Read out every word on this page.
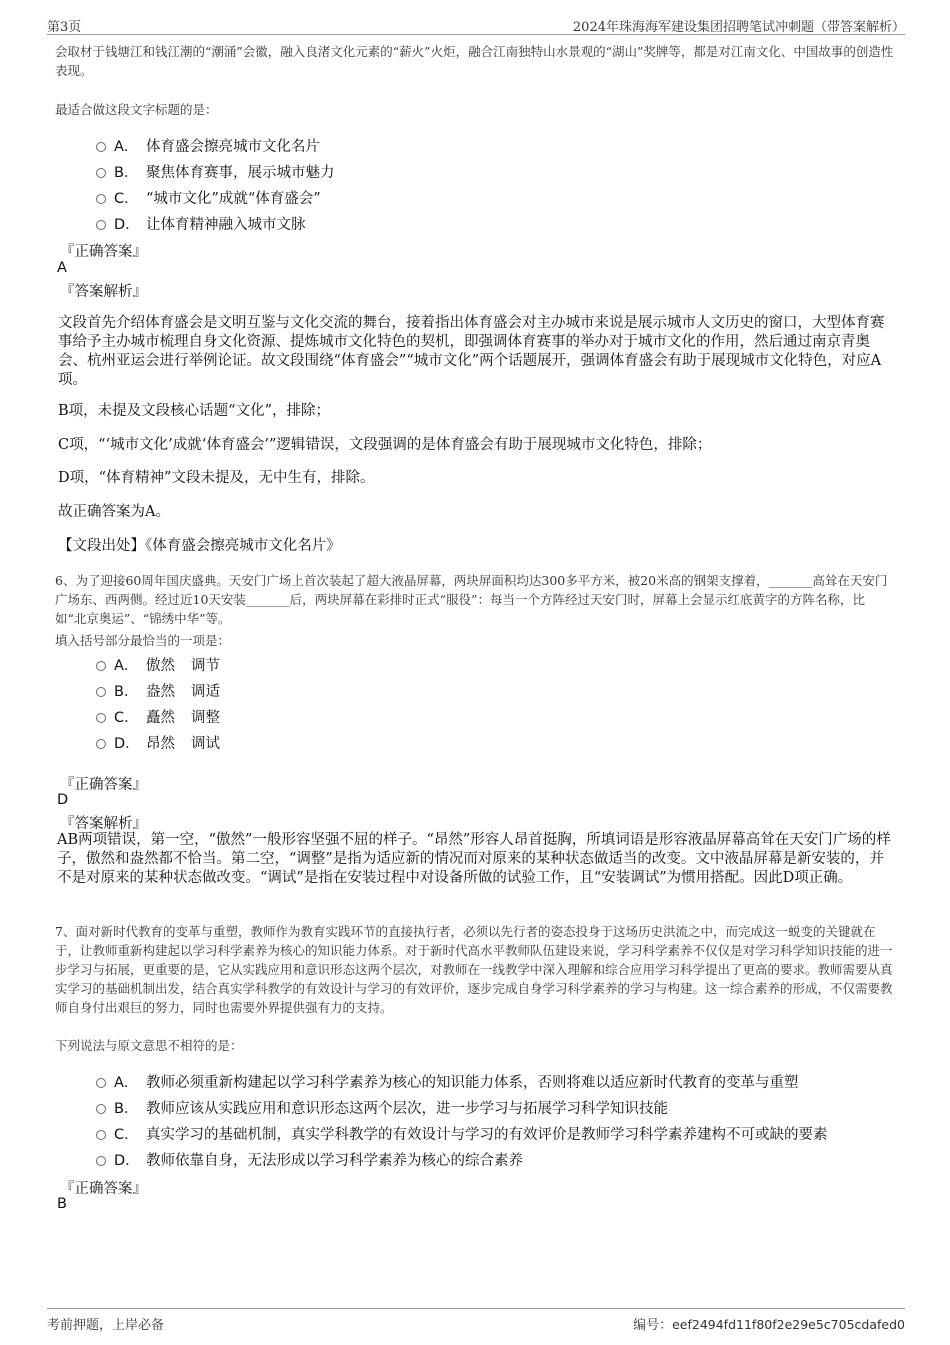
第3页	2024年珠海海军建设集团招聘笔试冲刺题（带答案解析）
会取材于钱塘江和钱江潮的“潮涌”会徽，融入良渚文化元素的“薪火”火炬，融合江南独特山水景观的“湖山”奖牌等，都是对江南文化、中国故事的创造性表现。
最适合做这段文字标题的是：
A． 体育盛会擦亮城市文化名片
B． 聚焦体育赛事，展示城市魅力
C． “城市文化”成就“体育盛会”
D． 让体育精神融入城市文脉
『正确答案』
A
『答案解析』
文段首先介绍体育盛会是文明互鉴与文化交流的舞台，接着指出体育盛会对主办城市来说是展示城市人文历史的窗口，大型体育赛事给予主办城市梳理自身文化资源、提炼城市文化特色的契机，即强调体育赛事的举办对于城市文化的作用，然后通过南京青奥会、杭州亚运会进行举例论证。故文段围绕“体育盛会”“城市文化”两个话题展开，强调体育盛会有助于展现城市文化特色，对应A项。
B项，未提及文段核心话题“文化”，排除；
C项，“‘城市文化’成就‘体育盛会’”逻辑错误，文段强调的是体育盛会有助于展现城市文化特色，排除；
D项，“体育精神”文段未提及，无中生有，排除。
故正确答案为A。
【文段出处】《体育盛会擦亮城市文化名片》
6、为了迎接60周年国庆盛典。天安门广场上首次装起了超大液晶屏幕，两块屏面积均达300多平方米，被20米高的钢架支撑着，_______高耸在天安门广场东、西两侧。经过近10天安装_______后，两块屏幕在彩排时正式“服役”：每当一个方阵经过天安门时，屏幕上会显示红底黄字的方阵名称，比如“北京奥运”、“锦绣中华”等。
填入括号部分最恰当的一项是：
A． 傲然 调节
B． 盎然 调适
C． 矗然 调整
D． 昂然 调试
『正确答案』
D
『答案解析』
AB两项错误，第一空，“傲然”一般形容坚强不屈的样子。“昂然”形容人昂首挺胸，所填词语是形容液晶屏幕高耸在天安门广场的样子，傲然和盎然都不恰当。第二空，“调整”是指为适应新的情况而对原来的某种状态做适当的改变。文中液晶屏幕是新安装的，并不是对原来的某种状态做改变。“调试”是指在安装过程中对设备所做的试验工作，且“安装调试”为惯用搭配。因此D项正确。
7、面对新时代教育的变革与重塑，教师作为教育实践环节的直接执行者，必须以先行者的姿态投身于这场历史洪流之中，而完成这一蜕变的关键就在于，让教师重新构建起以学习科学素养为核心的知识能力体系。对于新时代高水平教师队伍建设来说，学习科学素养不仅仅是对学习科学知识技能的进一步学习与拓展，更重要的是，它从实践应用和意识形态这两个层次，对教师在一线教学中深入理解和综合应用学习科学提出了更高的要求。教师需要从真实学习的基础机制出发，结合真实学科教学的有效设计与学习的有效评价，逐步完成自身学习科学素养的学习与构建。这一综合素养的形成，不仅需要教师自身付出艰巨的努力，同时也需要外界提供强有力的支持。
下列说法与原文意思不相符的是：
A． 教师必须重新构建起以学习科学素养为核心的知识能力体系，否则将难以适应新时代教育的变革与重塑
B． 教师应该从实践应用和意识形态这两个层次，进一步学习与拓展学习科学知识技能
C． 真实学习的基础机制，真实学科教学的有效设计与学习的有效评价是教师学习科学素养建构不可或缺的要素
D． 教师依靠自身，无法形成以学习科学素养为核心的综合素养
『正确答案』
B
考前押题，上岸必备	编号：eef2494fd11f80f2e29e5c705cdafed0
